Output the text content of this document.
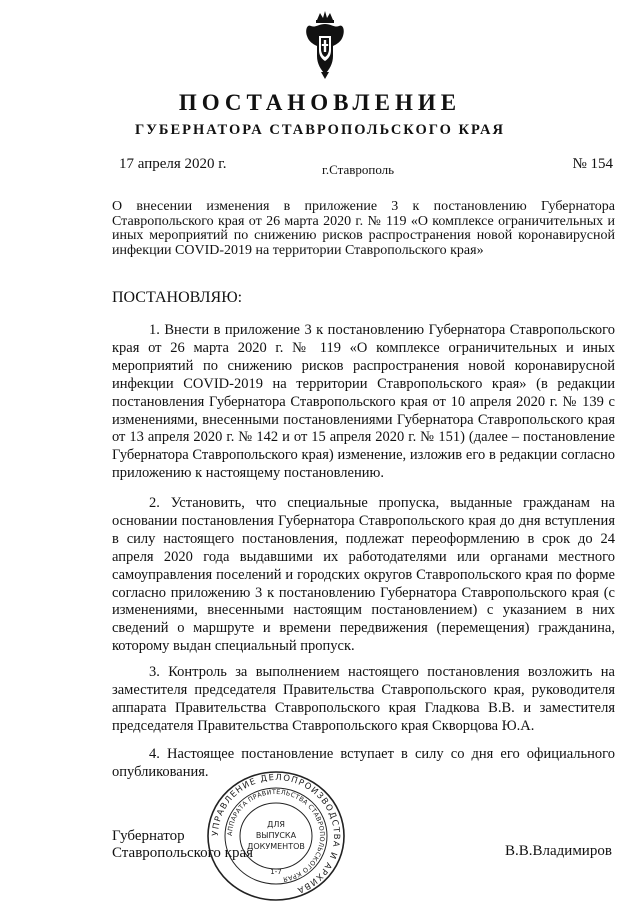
ПОСТАНОВЛЕНИЕ
ГУБЕРНАТОРА СТАВРОПОЛЬСКОГО КРАЯ
17 апреля 2020 г.	г.Ставрополь	№ 154
О внесении изменения в приложение 3 к постановлению Губернатора Ставропольского края от 26 марта 2020 г. № 119 «О комплексе ограничительных и иных мероприятий по снижению рисков распространения новой коронавирусной инфекции COVID-2019 на территории Ставропольского края»
ПОСТАНОВЛЯЮ:
1. Внести в приложение 3 к постановлению Губернатора Ставропольского края от 26 марта 2020 г. № 119 «О комплексе ограничительных и иных мероприятий по снижению рисков распространения новой коронавирусной инфекции COVID-2019 на территории Ставропольского края» (в редакции постановления Губернатора Ставропольского края от 10 апреля 2020 г. № 139 с изменениями, внесенными постановлениями Губернатора Ставропольского края от 13 апреля 2020 г. № 142 и от 15 апреля 2020 г. № 151) (далее – постановление Губернатора Ставропольского края) изменение, изложив его в редакции согласно приложению к настоящему постановлению.
2. Установить, что специальные пропуска, выданные гражданам на основании постановления Губернатора Ставропольского края до дня вступления в силу настоящего постановления, подлежат переоформлению в срок до 24 апреля 2020 года выдавшими их работодателями или органами местного самоуправления поселений и городских округов Ставропольского края по форме согласно приложению 3 к постановлению Губернатора Ставропольского края (с изменениями, внесенными настоящим постановлением) с указанием в них сведений о маршруте и времени передвижения (перемещения) гражданина, которому выдан специальный пропуск.
3. Контроль за выполнением настоящего постановления возложить на заместителя председателя Правительства Ставропольского края, руководителя аппарата Правительства Ставропольского края Гладкова В.В. и заместителя председателя Правительства Ставропольского края Скворцова Ю.А.
4. Настоящее постановление вступает в силу со дня его официального опубликования.
Губернатор
Ставропольского края	В.В.Владимиров
УПРАВЛЕНИЕ ДЕЛОПРОИЗВОДСТВА И АРХИВА
АППАРАТА ПРАВИТЕЛЬСТВА СТАВРОПОЛЬСКОГО КРАЯ
ДЛЯ
ВЫПУСКА
ДОКУМЕНТОВ
1-7
